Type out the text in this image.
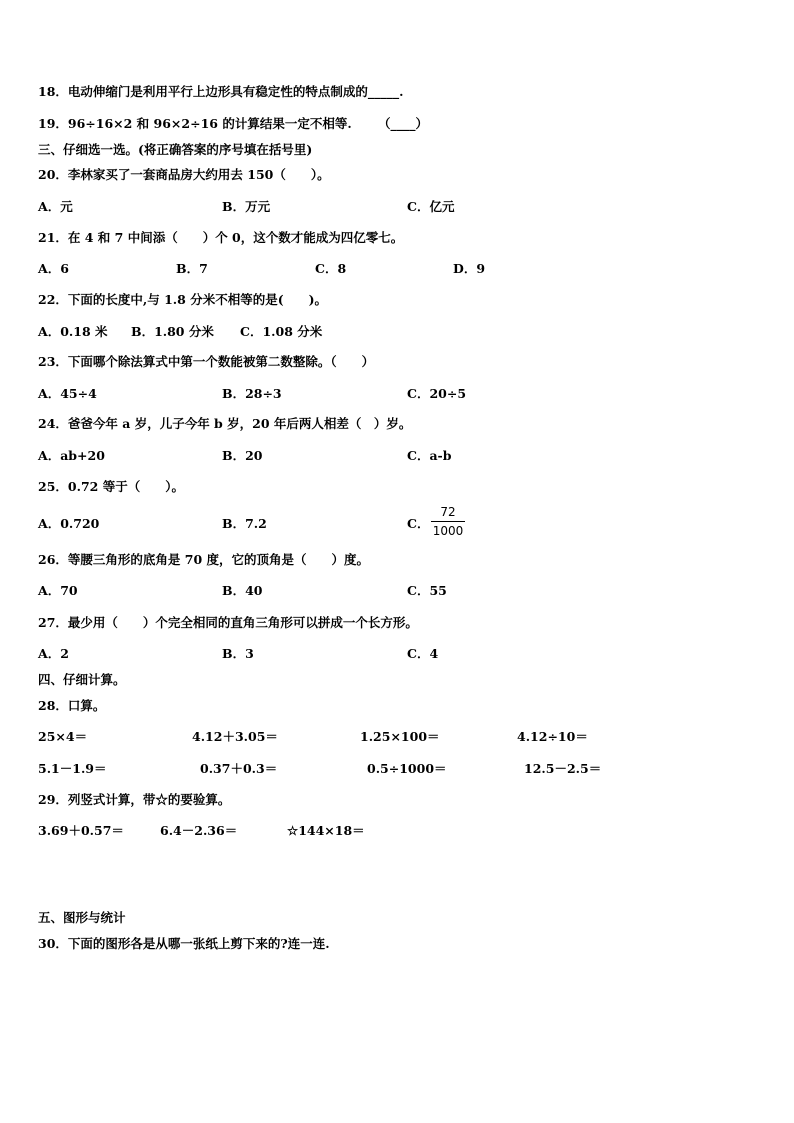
18．电动伸缩门是利用平行上边形具有稳定性的特点制成的_____.
19．96÷16×2 和 96×2÷16 的计算结果一定不相等. （____）
三、仔细选一选。(将正确答案的序号填在括号里)
20．李林家买了一套商品房大约用去 150（　　）。
A．元	B．万元	C．亿元
21．在 4 和 7 中间添（　　）个 0，这个数才能成为四亿零七。
A．6	B．7	C．8	D．9
22．下面的长度中,与 1.8 分米不相等的是(　　)。
A．0.18 米 B．1.80 分米 C．1.08 分米
23．下面哪个除法算式中第一个数能被第二数整除。（　　）
A．45÷4	B．28÷3	C．20÷5
24．爸爸今年 a 岁，儿子今年 b 岁，20 年后两人相差（　）岁。
A．ab+20	B．20	C．a-b
25．0.72 等于（　　）。
A．0.720	B．7.2	C．
72
1000
26．等腰三角形的底角是 70 度，它的顶角是（　　）度。
A．70	B．40	C．55
27．最少用（　　）个完全相同的直角三角形可以拼成一个长方形。
A．2	B．3	C．4
四、仔细计算。
28．口算。
25×4＝	4.12＋3.05＝	1.25×100＝	4.12÷10＝
5.1－1.9＝	0.37＋0.3＝	0.5÷1000＝	12.5－2.5＝
29．列竖式计算，带☆的要验算。
3.69＋0.57＝	6.4－2.36＝	☆144×18＝
五、图形与统计
30．下面的图形各是从哪一张纸上剪下来的?连一连.
